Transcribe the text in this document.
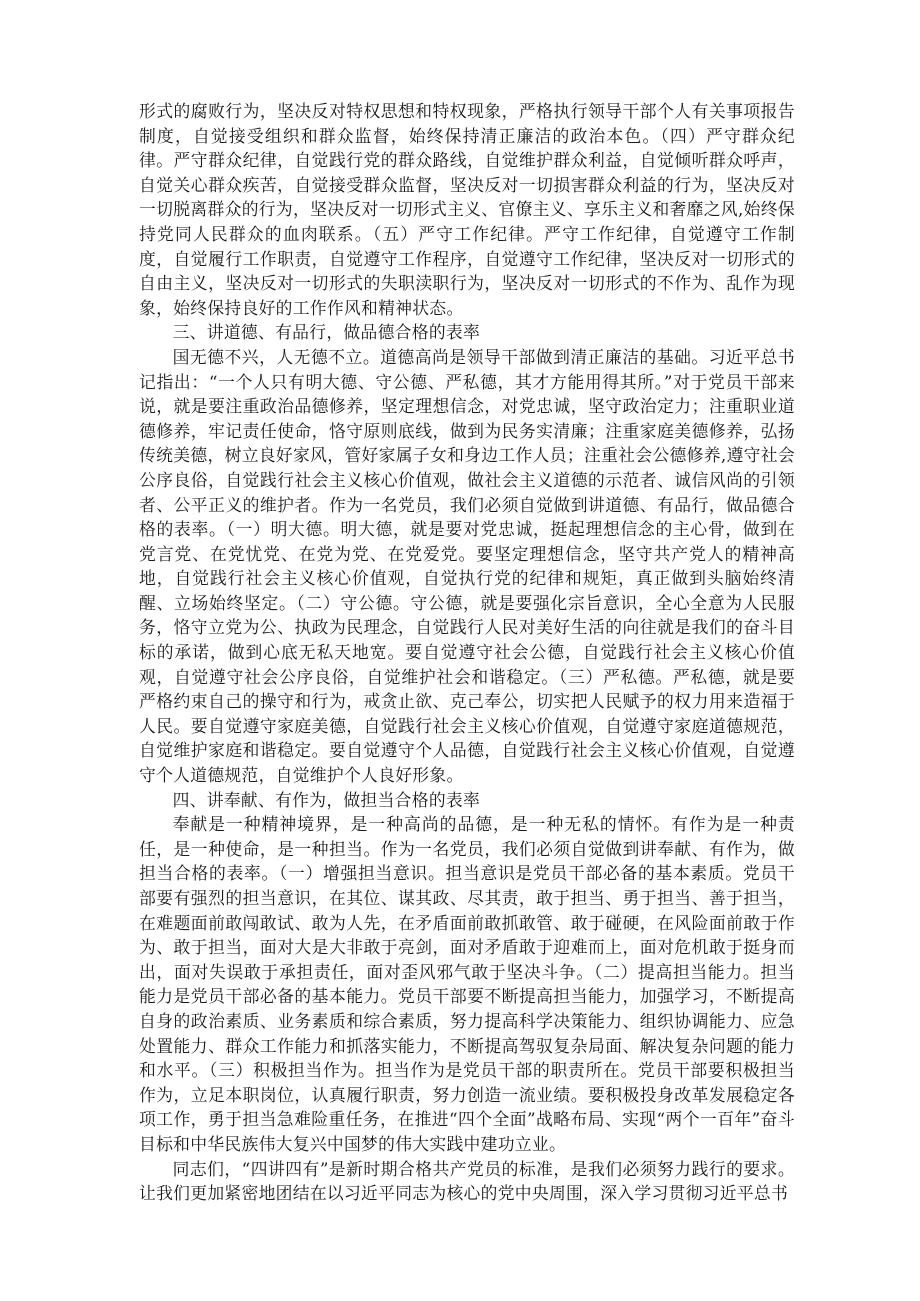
形式的腐败行为，坚决反对特权思想和特权现象，严格执行领导干部个人有关事项报告制度，自觉接受组织和群众监督，始终保持清正廉洁的政治本色。（四）严守群众纪律。严守群众纪律，自觉践行党的群众路线，自觉维护群众利益，自觉倾听群众呼声，自觉关心群众疾苦，自觉接受群众监督，坚决反对一切损害群众利益的行为，坚决反对一切脱离群众的行为，坚决反对一切形式主义、官僚主义、享乐主义和奢靡之风,始终保持党同人民群众的血肉联系。（五）严守工作纪律。严守工作纪律，自觉遵守工作制度，自觉履行工作职责，自觉遵守工作程序，自觉遵守工作纪律，坚决反对一切形式的自由主义，坚决反对一切形式的失职渎职行为，坚决反对一切形式的不作为、乱作为现象，始终保持良好的工作作风和精神状态。

三、讲道德、有品行，做品德合格的表率

国无德不兴，人无德不立。道德高尚是领导干部做到清正廉洁的基础。习近平总书记指出：“一个人只有明大德、守公德、严私德，其才方能用得其所。”对于党员干部来说，就是要注重政治品德修养，坚定理想信念，对党忠诚，坚守政治定力；注重职业道德修养，牢记责任使命，恪守原则底线，做到为民务实清廉；注重家庭美德修养，弘扬传统美德，树立良好家风，管好家属子女和身边工作人员；注重社会公德修养,遵守社会公序良俗，自觉践行社会主义核心价值观，做社会主义道德的示范者、诚信风尚的引领者、公平正义的维护者。作为一名党员，我们必须自觉做到讲道德、有品行，做品德合格的表率。（一）明大德。明大德，就是要对党忠诚，挺起理想信念的主心骨，做到在党言党、在党忧党、在党为党、在党爱党。要坚定理想信念，坚守共产党人的精神高地，自觉践行社会主义核心价值观，自觉执行党的纪律和规矩，真正做到头脑始终清醒、立场始终坚定。（二）守公德。守公德，就是要强化宗旨意识，全心全意为人民服务，恪守立党为公、执政为民理念，自觉践行人民对美好生活的向往就是我们的奋斗目标的承诺，做到心底无私天地宽。要自觉遵守社会公德，自觉践行社会主义核心价值观，自觉遵守社会公序良俗，自觉维护社会和谐稳定。（三）严私德。严私德，就是要严格约束自己的操守和行为，戒贪止欲、克己奉公，切实把人民赋予的权力用来造福于人民。要自觉遵守家庭美德，自觉践行社会主义核心价值观，自觉遵守家庭道德规范，自觉维护家庭和谐稳定。要自觉遵守个人品德，自觉践行社会主义核心价值观，自觉遵守个人道德规范，自觉维护个人良好形象。

四、讲奉献、有作为，做担当合格的表率

奉献是一种精神境界，是一种高尚的品德，是一种无私的情怀。有作为是一种责任，是一种使命，是一种担当。作为一名党员，我们必须自觉做到讲奉献、有作为，做担当合格的表率。（一）增强担当意识。担当意识是党员干部必备的基本素质。党员干部要有强烈的担当意识，在其位、谋其政、尽其责，敢于担当、勇于担当、善于担当，在难题面前敢闯敢试、敢为人先，在矛盾面前敢抓敢管、敢于碰硬，在风险面前敢于作为、敢于担当，面对大是大非敢于亮剑，面对矛盾敢于迎难而上，面对危机敢于挺身而出，面对失误敢于承担责任，面对歪风邪气敢于坚决斗争。（二）提高担当能力。担当能力是党员干部必备的基本能力。党员干部要不断提高担当能力，加强学习，不断提高自身的政治素质、业务素质和综合素质，努力提高科学决策能力、组织协调能力、应急处置能力、群众工作能力和抓落实能力，不断提高驾驭复杂局面、解决复杂问题的能力和水平。（三）积极担当作为。担当作为是党员干部的职责所在。党员干部要积极担当作为，立足本职岗位，认真履行职责，努力创造一流业绩。要积极投身改革发展稳定各项工作，勇于担当急难险重任务，在推进“四个全面”战略布局、实现“两个一百年”奋斗目标和中华民族伟大复兴中国梦的伟大实践中建功立业。

同志们，“四讲四有”是新时期合格共产党员的标准，是我们必须努力践行的要求。让我们更加紧密地团结在以习近平同志为核心的党中央周围，深入学习贯彻习近平总书
